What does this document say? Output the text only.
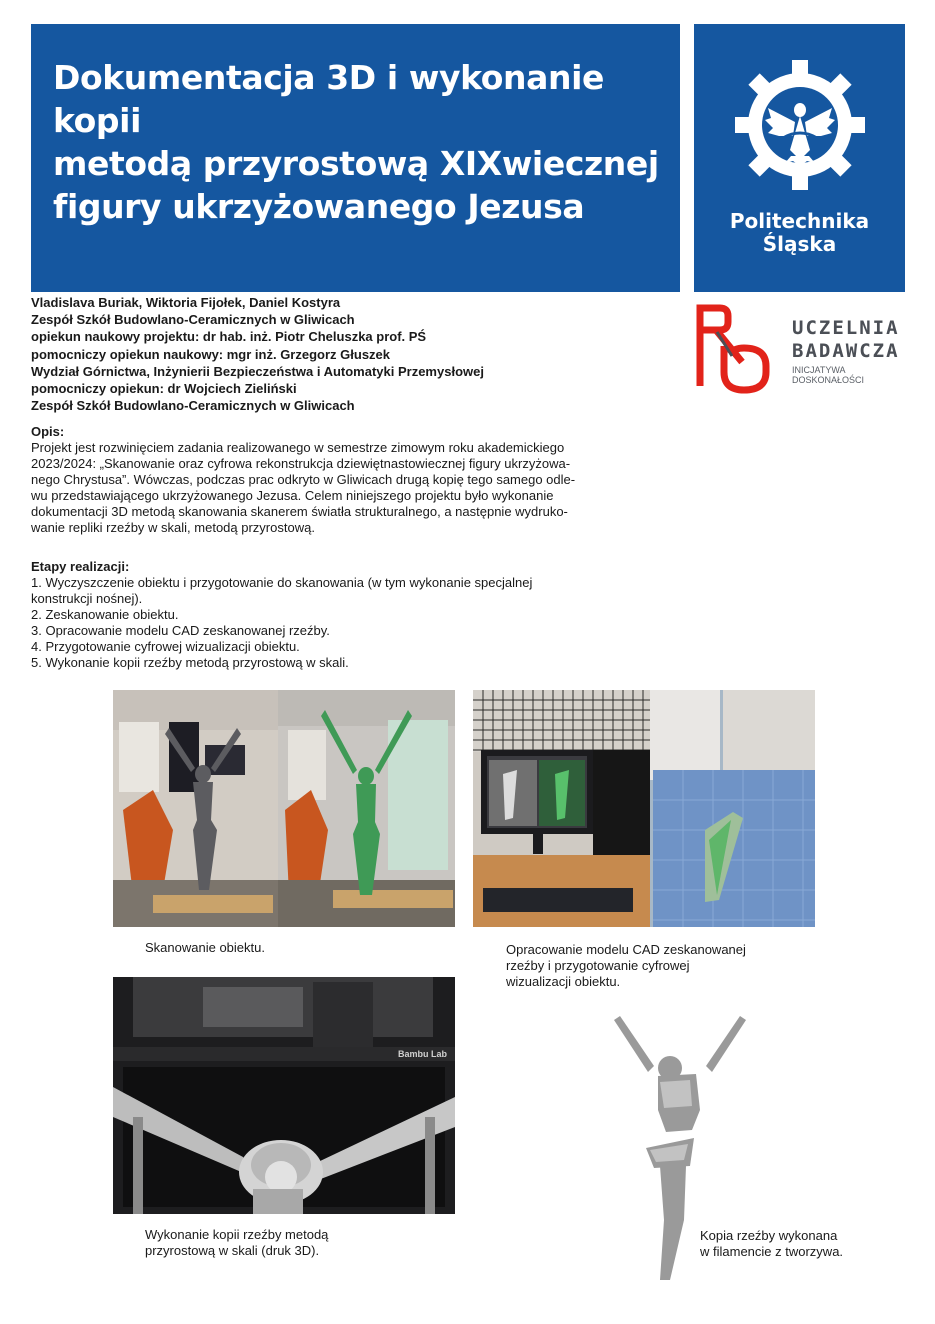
Dokumentacja 3D i wykonanie kopii
metodą przyrostową XIXwiecznej
figury ukrzyżowanego Jezusa	Politechnika
Śląska
UCZELNIA
BADAWCZA
INICJATYWA DOSKONAŁOŚCI
Vladislava Buriak, Wiktoria Fijołek, Daniel Kostyra
Zespół Szkół Budowlano-Ceramicznych w Gliwicach
opiekun naukowy projektu: dr hab. inż. Piotr Cheluszka prof. PŚ
pomocniczy opiekun naukowy: mgr inż. Grzegorz Głuszek
Wydział Górnictwa, Inżynierii Bezpieczeństwa i Automatyki Przemysłowej
pomocniczy opiekun: dr Wojciech Zieliński
Zespół Szkół Budowlano-Ceramicznych w Gliwicach
Opis:
Projekt jest rozwinięciem zadania realizowanego w semestrze zimowym roku akademickiego
2023/2024: „Skanowanie oraz cyfrowa rekonstrukcja dziewiętnastowiecznej figury ukrzyżowa-
nego Chrystusa”. Wówczas, podczas prac odkryto w Gliwicach drugą kopię tego samego odle-
wu przedstawiającego ukrzyżowanego Jezusa. Celem niniejszego projektu było wykonanie
dokumentacji 3D metodą skanowania skanerem światła strukturalnego, a następnie wydruko-
wanie repliki rzeźby w skali, metodą przyrostową.
Etapy realizacji:
1. Wyczyszczenie obiektu i przygotowanie do skanowania (w tym wykonanie specjalnej
konstrukcji nośnej).
2. Zeskanowanie obiektu.
3. Opracowanie modelu CAD zeskanowanej rzeźby.
4. Przygotowanie cyfrowej wizualizacji obiektu.
5. Wykonanie kopii rzeźby metodą przyrostową w skali.
Bambu Lab
Skanowanie obiektu.	Opracowanie modelu CAD zeskanowanej
rzeźby i przygotowanie cyfrowej
wizualizacji obiektu.
Wykonanie kopii rzeźby metodą
przyrostową w skali (druk 3D).
Kopia rzeźby wykonana
w filamencie z tworzywa.
